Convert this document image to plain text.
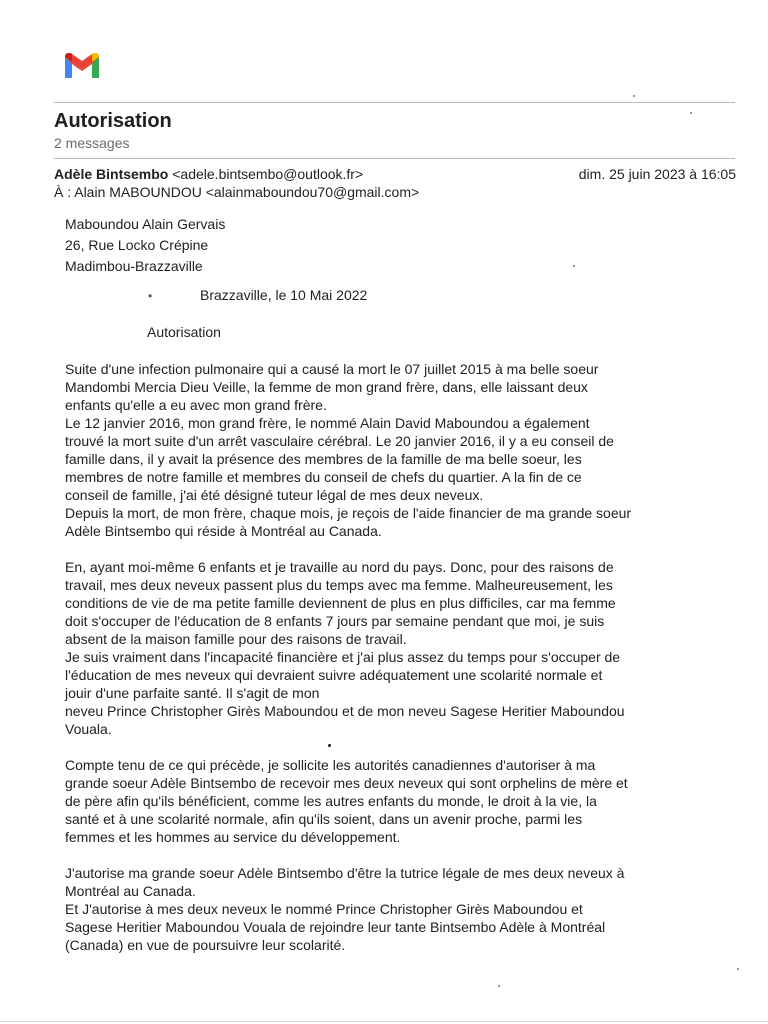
Autorisation
2 messages
Adèle Bintsembo <adele.bintsembo@outlook.fr>	dim. 25 juin 2023 à 16:05
À : Alain MABOUNDOU <alainmaboundou70@gmail.com>
Maboundou Alain Gervais
26, Rue Locko Crépine
Madimbou-Brazzaville
•	Brazzaville, le 10 Mai 2022
Autorisation
Suite d'une infection pulmonaire qui a causé la mort le 07 juillet 2015 à ma belle soeur
Mandombi Mercia Dieu Veille, la femme de mon grand frère, dans, elle laissant deux
enfants qu'elle a eu avec mon grand frère.
Le 12 janvier 2016, mon grand frère, le nommé Alain David Maboundou a également
trouvé la mort suite d'un arrêt vasculaire cérébral. Le 20 janvier 2016, il y a eu conseil de
famille dans, il y avait la présence des membres de la famille de ma belle soeur, les
membres de notre famille et membres du conseil de chefs du quartier. A la fin de ce
conseil de famille, j'ai été désigné tuteur légal de mes deux neveux.
Depuis la mort, de mon frère, chaque mois, je reçois de l'aide financier de ma grande soeur
Adèle Bintsembo qui réside à Montréal au Canada.
En, ayant moi-même 6 enfants et je travaille au nord du pays. Donc, pour des raisons de
travail, mes deux neveux passent plus du temps avec ma femme. Malheureusement, les
conditions de vie de ma petite famille deviennent de plus en plus difficiles, car ma femme
doit s'occuper de l'éducation de 8 enfants 7 jours par semaine pendant que moi, je suis
absent de la maison famille pour des raisons de travail.
Je suis vraiment dans l'incapacité financière et j'ai plus assez du temps pour s'occuper de
l'éducation de mes neveux qui devraient suivre adéquatement une scolarité normale et
jouir d'une parfaite santé. Il s'agit de mon
neveu Prince Christopher Girès Maboundou et de mon neveu Sagese Heritier Maboundou
Vouala.
Compte tenu de ce qui précède, je sollicite les autorités canadiennes d'autoriser à ma
grande soeur Adèle Bintsembo de recevoir mes deux neveux qui sont orphelins de mère et
de père afin qu'ils bénéficient, comme les autres enfants du monde, le droit à la vie, la
santé et à une scolarité normale, afin qu'ils soient, dans un avenir proche, parmi les
femmes et les hommes au service du développement.
J'autorise ma grande soeur Adèle Bintsembo d'être la tutrice légale de mes deux neveux à
Montréal au Canada.
Et J'autorise à mes deux neveux le nommé Prince Christopher Girès Maboundou et
Sagese Heritier Maboundou Vouala de rejoindre leur tante Bintsembo Adèle à Montréal
(Canada) en vue de poursuivre leur scolarité.
